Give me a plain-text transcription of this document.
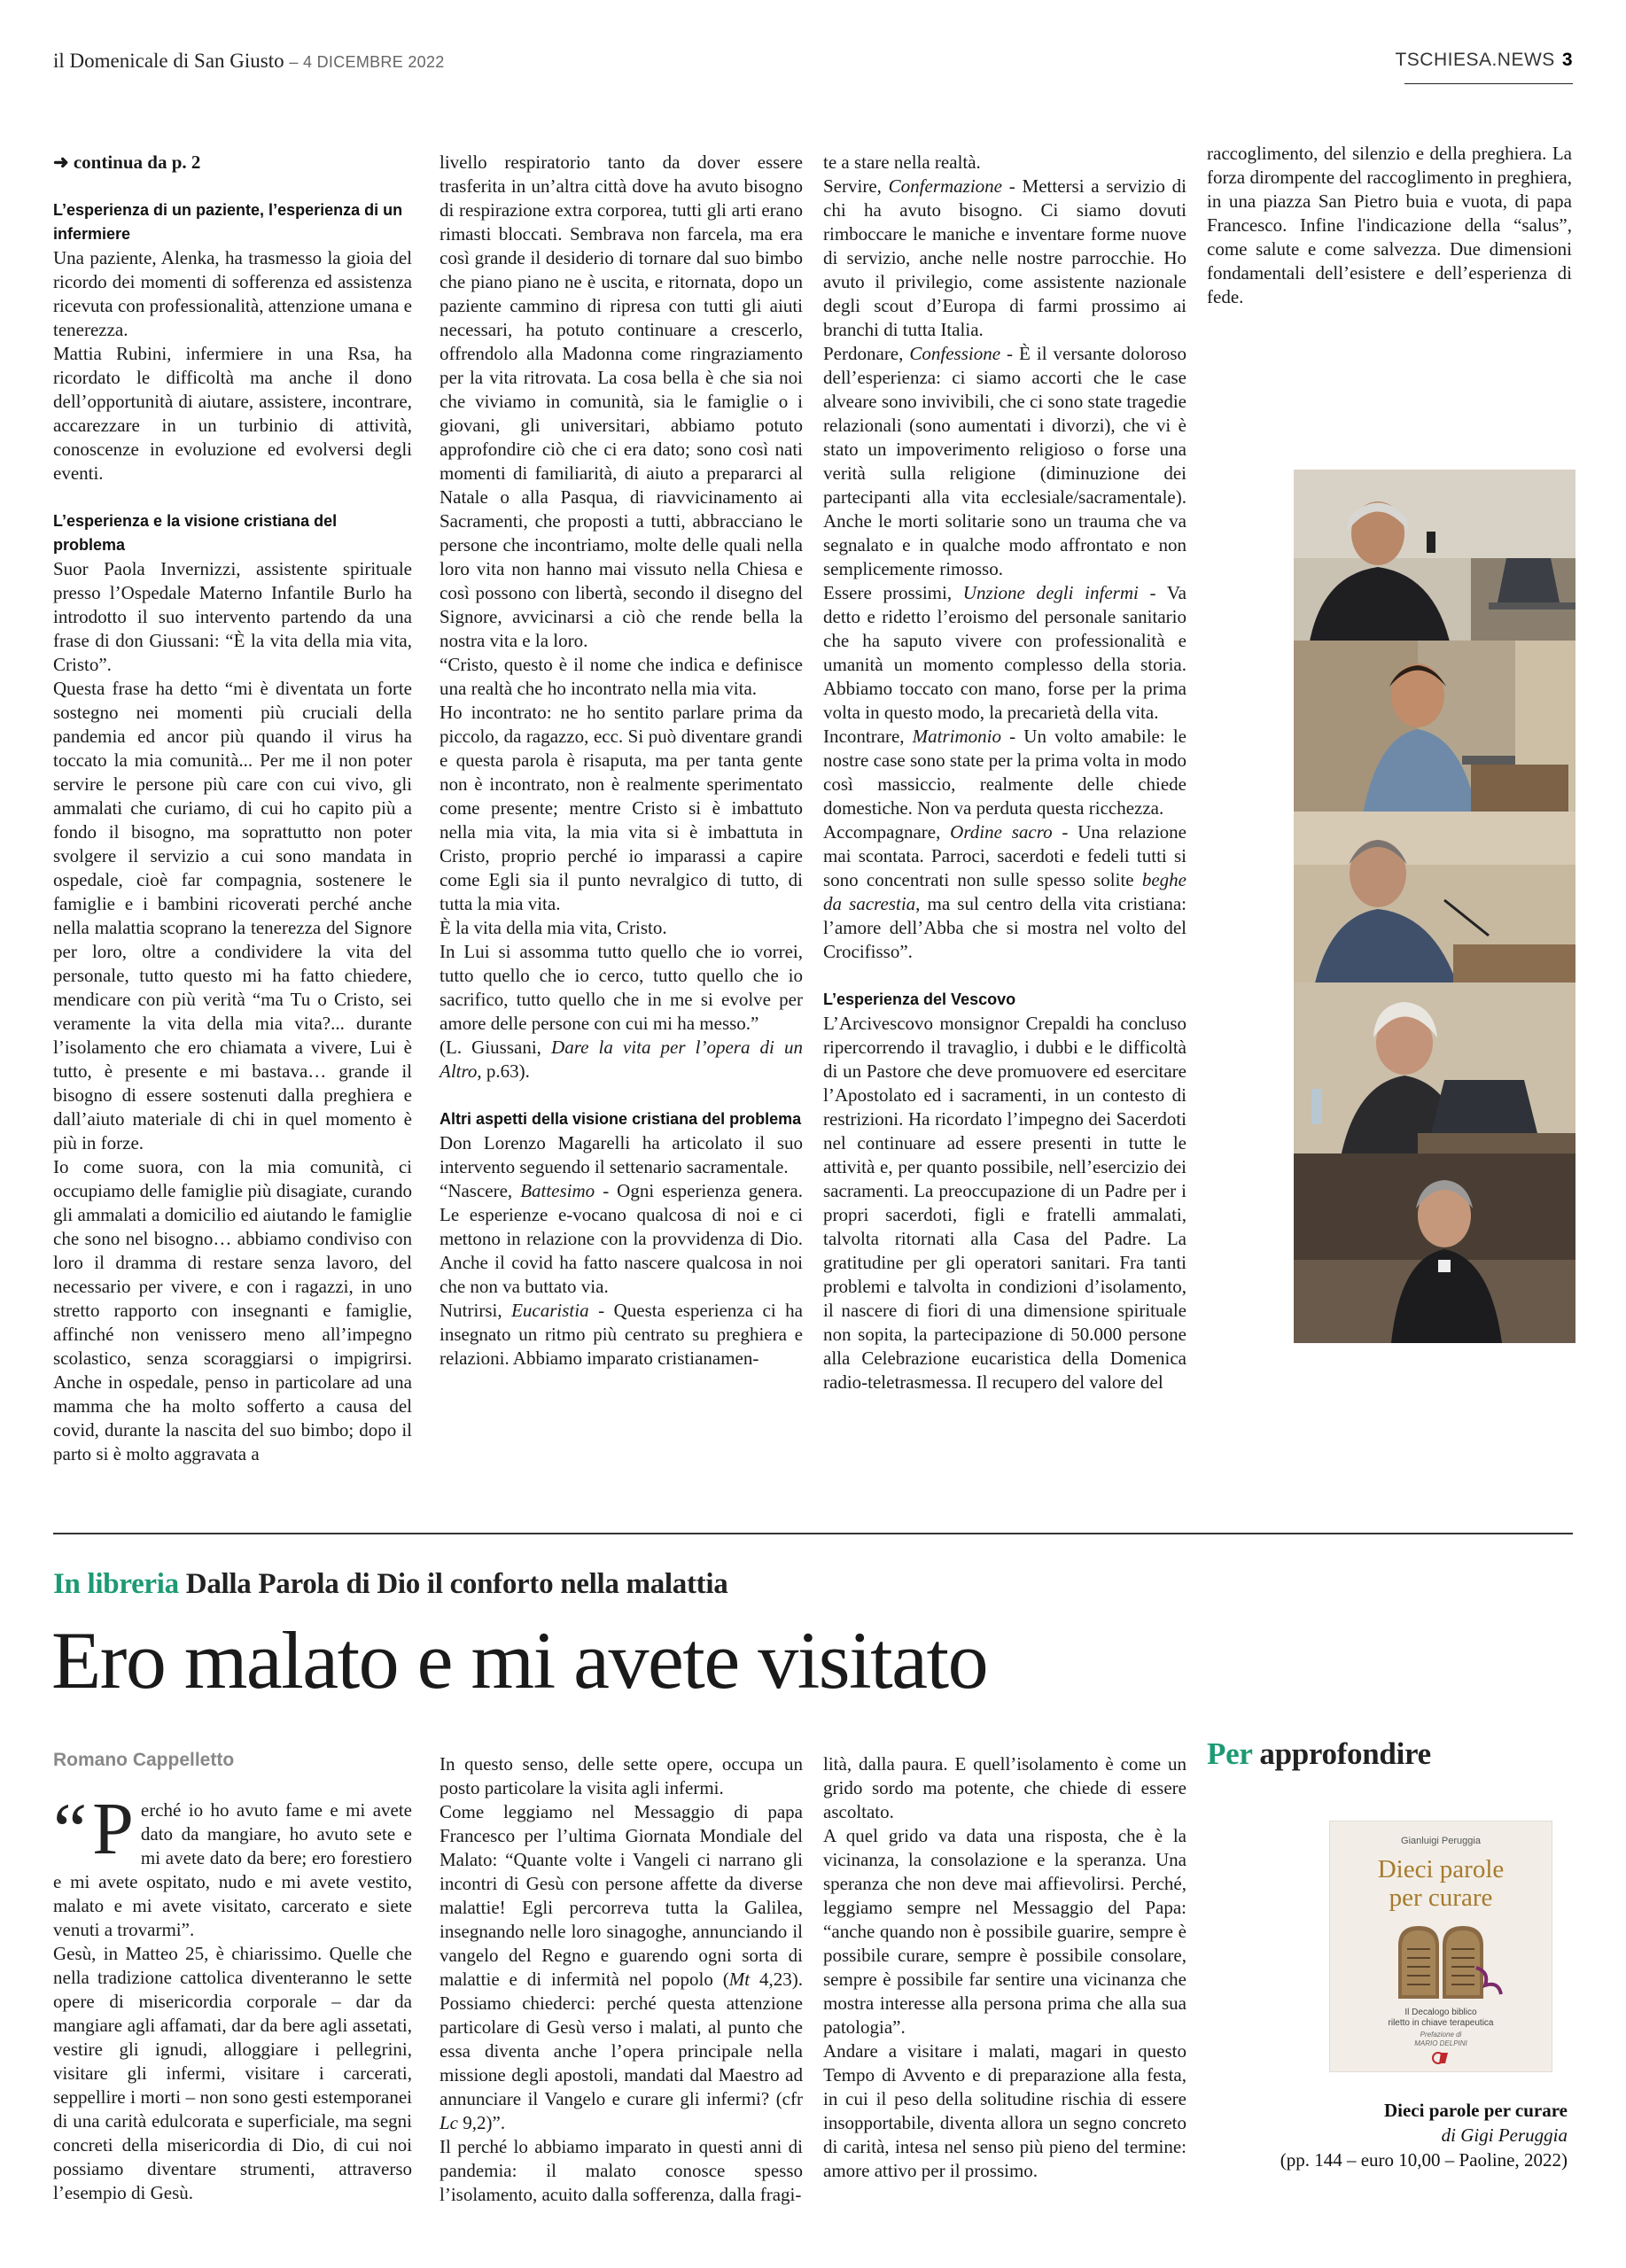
il Domenicale di San Giusto – 4 DICEMBRE 2022	TSCHIESA.NEWS 3

➜ continua da p. 2

L’esperienza di un paziente, l’esperienza di un infermiere

Una paziente, Alenka, ha trasmesso la gioia del ricordo dei momenti di sofferenza ed assistenza ricevuta con professionalità, attenzione umana e tenerezza.

Mattia Rubini, infermiere in una Rsa, ha ricordato le difficoltà ma anche il dono dell’opportunità di aiutare, assistere, incontrare, accarezzare in un turbinio di attività, conoscenze in evoluzione ed evolversi degli eventi.

L’esperienza e la visione cristiana del problema

Suor Paola Invernizzi, assistente spirituale presso l’Ospedale Materno Infantile Burlo ha introdotto il suo intervento partendo da una frase di don Giussani: “È la vita della mia vita, Cristo”.

Questa frase ha detto “mi è diventata un forte sostegno nei momenti più cruciali della pandemia ed ancor più quando il virus ha toccato la mia comunità... Per me il non poter servire le persone più care con cui vivo, gli ammalati che curiamo, di cui ho capito più a fondo il bisogno, ma soprattutto non poter svolgere il servizio a cui sono mandata in ospedale, cioè far compagnia, sostenere le famiglie e i bambini ricoverati perché anche nella malattia scoprano la tenerezza del Signore per loro, oltre a condividere la vita del personale, tutto questo mi ha fatto chiedere, mendicare con più verità “ma Tu o Cristo, sei veramente la vita della mia vita?... durante l’isolamento che ero chiamata a vivere, Lui è tutto, è presente e mi bastava… grande il bisogno di essere sostenuti dalla preghiera e dall’aiuto materiale di chi in quel momento è più in forze.

Io come suora, con la mia comunità, ci occupiamo delle famiglie più disagiate, curando gli ammalati a domicilio ed aiutando le famiglie che sono nel bisogno… abbiamo condiviso con loro il dramma di restare senza lavoro, del necessario per vivere, e con i ragazzi, in uno stretto rapporto con insegnanti e famiglie, affinché non venissero meno all’impegno scolastico, senza scoraggiarsi o impigrirsi. Anche in ospedale, penso in particolare ad una mamma che ha molto sofferto a causa del covid, durante la nascita del suo bimbo; dopo il parto si è molto aggravata a

livello respiratorio tanto da dover essere trasferita in un’altra città dove ha avuto bisogno di respirazione extra corporea, tutti gli arti erano rimasti bloccati. Sembrava non farcela, ma era così grande il desiderio di tornare dal suo bimbo che piano piano ne è uscita, e ritornata, dopo un paziente cammino di ripresa con tutti gli aiuti necessari, ha potuto continuare a crescerlo, offrendolo alla Madonna come ringraziamento per la vita ritrovata. La cosa bella è che sia noi che viviamo in comunità, sia le famiglie o i giovani, gli universitari, abbiamo potuto approfondire ciò che ci era dato; sono così nati momenti di familiarità, di aiuto a prepararci al Natale o alla Pasqua, di riavvicinamento ai Sacramenti, che proposti a tutti, abbracciano le persone che incontriamo, molte delle quali nella loro vita non hanno mai vissuto nella Chiesa e così possono con libertà, secondo il disegno del Signore, avvicinarsi a ciò che rende bella la nostra vita e la loro.

“Cristo, questo è il nome che indica e definisce una realtà che ho incontrato nella mia vita.

Ho incontrato: ne ho sentito parlare prima da piccolo, da ragazzo, ecc. Si può diventare grandi e questa parola è risaputa, ma per tanta gente non è incontrato, non è realmente sperimentato come presente; mentre Cristo si è imbattuto nella mia vita, la mia vita si è imbattuta in Cristo, proprio perché io imparassi a capire come Egli sia il punto nevralgico di tutto, di tutta la mia vita.

È la vita della mia vita, Cristo.

In Lui si assomma tutto quello che io vorrei, tutto quello che io cerco, tutto quello che io sacrifico, tutto quello che in me si evolve per amore delle persone con cui mi ha messo.”

(L. Giussani, Dare la vita per l’opera di un Altro, p.63).

Altri aspetti della visione cristiana del problema

Don Lorenzo Magarelli ha articolato il suo intervento seguendo il settenario sacramentale.

“Nascere, Battesimo - Ogni esperienza genera. Le esperienze e-vocano qualcosa di noi e ci mettono in relazione con la provvidenza di Dio. Anche il covid ha fatto nascere qualcosa in noi che non va buttato via.

Nutrirsi, Eucaristia - Questa esperienza ci ha insegnato un ritmo più centrato su preghiera e relazioni. Abbiamo imparato cristianamen-

te a stare nella realtà.

Servire, Confermazione - Mettersi a servizio di chi ha avuto bisogno. Ci siamo dovuti rimboccare le maniche e inventare forme nuove di servizio, anche nelle nostre parrocchie. Ho avuto il privilegio, come assistente nazionale degli scout d’Europa di farmi prossimo ai branchi di tutta Italia.

Perdonare, Confessione - È il versante doloroso dell’esperienza: ci siamo accorti che le case alveare sono invivibili, che ci sono state tragedie relazionali (sono aumentati i divorzi), che vi è stato un impoverimento religioso o forse una verità sulla religione (diminuzione dei partecipanti alla vita ecclesiale/sacramentale). Anche le morti solitarie sono un trauma che va segnalato e in qualche modo affrontato e non semplicemente rimosso.

Essere prossimi, Unzione degli infermi - Va detto e ridetto l’eroismo del personale sanitario che ha saputo vivere con professionalità e umanità un momento complesso della storia. Abbiamo toccato con mano, forse per la prima volta in questo modo, la precarietà della vita.

Incontrare, Matrimonio - Un volto amabile: le nostre case sono state per la prima volta in modo così massiccio, realmente delle chiede domestiche. Non va perduta questa ricchezza.

Accompagnare, Ordine sacro - Una relazione mai scontata. Parroci, sacerdoti e fedeli tutti si sono concentrati non sulle spesso solite beghe da sacrestia, ma sul centro della vita cristiana: l’amore dell’Abba che si mostra nel volto del Crocifisso”.

L’esperienza del Vescovo

L’Arcivescovo monsignor Crepaldi ha concluso ripercorrendo il travaglio, i dubbi e le difficoltà di un Pastore che deve promuovere ed esercitare l’Apostolato ed i sacramenti, in un contesto di restrizioni. Ha ricordato l’impegno dei Sacerdoti nel continuare ad essere presenti in tutte le attività e, per quanto possibile, nell’esercizio dei sacramenti. La preoccupazione di un Padre per i propri sacerdoti, figli e fratelli ammalati, talvolta ritornati alla Casa del Padre. La gratitudine per gli operatori sanitari. Fra tanti problemi e talvolta in condizioni d’isolamento, il nascere di fiori di una dimensione spirituale non sopita, la partecipazione di 50.000 persone alla Celebrazione eucaristica della Domenica radio-teletrasmessa. Il recupero del valore del

raccoglimento, del silenzio e della preghiera. La forza dirompente del raccoglimento in preghiera, in una piazza San Pietro buia e vuota, di papa Francesco. Infine l'indicazione della “salus”, come salute e come salvezza. Due dimensioni fondamentali dell’esistere e dell’esperienza di fede.

In libreria Dalla Parola di Dio il conforto nella malattia
Ero malato e mi avete visitato
Romano Cappelletto

“ P erché io ho avuto fame e mi avete dato da mangiare, ho avuto sete e mi avete dato da bere; ero forestiero e mi avete ospitato, nudo e mi avete vestito, malato e mi avete visitato, carcerato e siete venuti a trovarmi”.

Gesù, in Matteo 25, è chiarissimo. Quelle che nella tradizione cattolica diventeranno le sette opere di misericordia corporale – dar da mangiare agli affamati, dar da bere agli assetati, vestire gli ignudi, alloggiare i pellegrini, visitare gli infermi, visitare i carcerati, seppellire i morti – non sono gesti estemporanei di una carità edulcorata e superficiale, ma segni concreti della misericordia di Dio, di cui noi possiamo diventare strumenti, attraverso l’esempio di Gesù.

In questo senso, delle sette opere, occupa un posto particolare la visita agli infermi.

Come leggiamo nel Messaggio di papa Francesco per l’ultima Giornata Mondiale del Malato: “Quante volte i Vangeli ci narrano gli incontri di Gesù con persone affette da diverse malattie! Egli percorreva tutta la Galilea, insegnando nelle loro sinagoghe, annunciando il vangelo del Regno e guarendo ogni sorta di malattie e di infermità nel popolo (Mt 4,23). Possiamo chiederci: perché questa attenzione particolare di Gesù verso i malati, al punto che essa diventa anche l’opera principale nella missione degli apostoli, mandati dal Maestro ad annunciare il Vangelo e curare gli infermi? (cfr Lc 9,2)”.

Il perché lo abbiamo imparato in questi anni di pandemia: il malato conosce spesso l’isolamento, acuito dalla sofferenza, dalla fragi-

lità, dalla paura. E quell’isolamento è come un grido sordo ma potente, che chiede di essere ascoltato.

A quel grido va data una risposta, che è la vicinanza, la consolazione e la speranza. Una speranza che non deve mai affievolirsi. Perché, leggiamo sempre nel Messaggio del Papa: “anche quando non è possibile guarire, sempre è possibile curare, sempre è possibile consolare, sempre è possibile far sentire una vicinanza che mostra interesse alla persona prima che alla sua patologia”.

Andare a visitare i malati, magari in questo Tempo di Avvento e di preparazione alla festa, in cui il peso della solitudine rischia di essere insopportabile, diventa allora un segno concreto di carità, intesa nel senso più pieno del termine: amore attivo per il prossimo.

Per approfondire
Gianluigi Peruggia
Dieci parole
per curare
Il Decalogo biblico
riletto in chiave terapeutica
Prefazione di
MARIO DELPINI
Dieci parole per curare
di Gigi Peruggia
(pp. 144 – euro 10,00 – Paoline, 2022)
